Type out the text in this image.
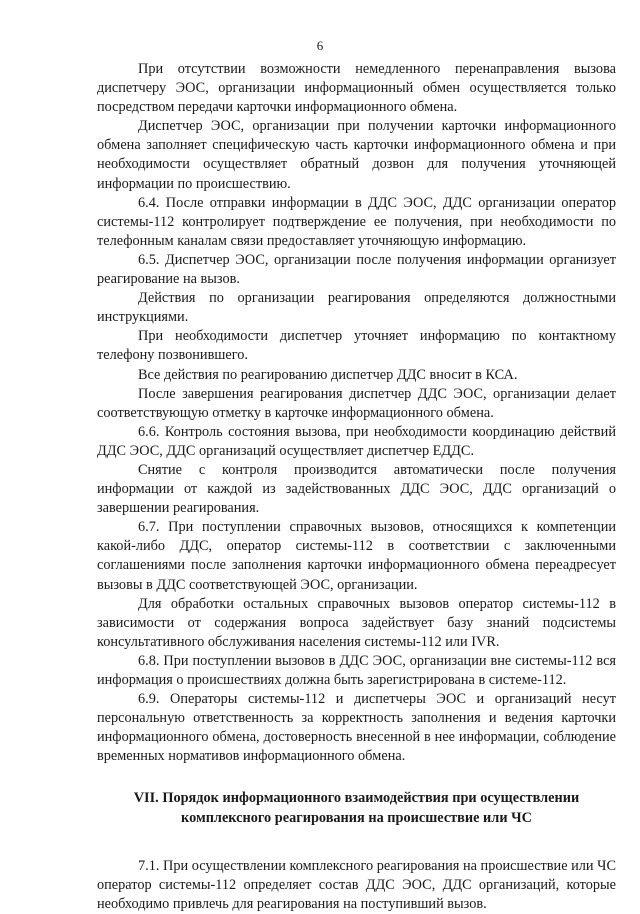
6

При отсутствии возможности немедленного перенаправления вызова диспетчеру ЭОС, организации информационный обмен осуществляется только посредством передачи карточки информационного обмена.

Диспетчер ЭОС, организации при получении карточки информационного обмена заполняет специфическую часть карточки информационного обмена и при необходимости осуществляет обратный дозвон для получения уточняющей информации по происшествию.

6.4. После отправки информации в ДДС ЭОС, ДДС организации оператор системы-112 контролирует подтверждение ее получения, при необходимости по телефонным каналам связи предоставляет уточняющую информацию.

6.5. Диспетчер ЭОС, организации после получения информации организует реагирование на вызов.

Действия по организации реагирования определяются должностными инструкциями.

При необходимости диспетчер уточняет информацию по контактному телефону позвонившего.

Все действия по реагированию диспетчер ДДС вносит в КСА.

После завершения реагирования диспетчер ДДС ЭОС, организации делает соответствующую отметку в карточке информационного обмена.

6.6. Контроль состояния вызова, при необходимости координацию действий ДДС ЭОС, ДДС организаций осуществляет диспетчер ЕДДС.

Снятие с контроля производится автоматически после получения информации от каждой из задействованных ДДС ЭОС, ДДС организаций о завершении реагирования.

6.7. При поступлении справочных вызовов, относящихся к компетенции какой-либо ДДС, оператор системы-112 в соответствии с заключенными соглашениями после заполнения карточки информационного обмена переадресует вызовы в ДДС соответствующей ЭОС, организации.

Для обработки остальных справочных вызовов оператор системы-112 в зависимости от содержания вопроса задействует базу знаний подсистемы консультативного обслуживания населения системы-112 или IVR.

6.8. При поступлении вызовов в ДДС ЭОС, организации вне системы-112 вся информация о происшествиях должна быть зарегистрирована в системе-112.

6.9. Операторы системы-112 и диспетчеры ЭОС и организаций несут персональную ответственность за корректность заполнения и ведения карточки информационного обмена, достоверность внесенной в нее информации, соблюдение временных нормативов информационного обмена.

VII. Порядок информационного взаимодействия при осуществлении
комплексного реагирования на происшествие или ЧС

7.1. При осуществлении комплексного реагирования на происшествие или ЧС оператор системы-112 определяет состав ДДС ЭОС, ДДС организаций, которые необходимо привлечь для реагирования на поступивший вызов.
